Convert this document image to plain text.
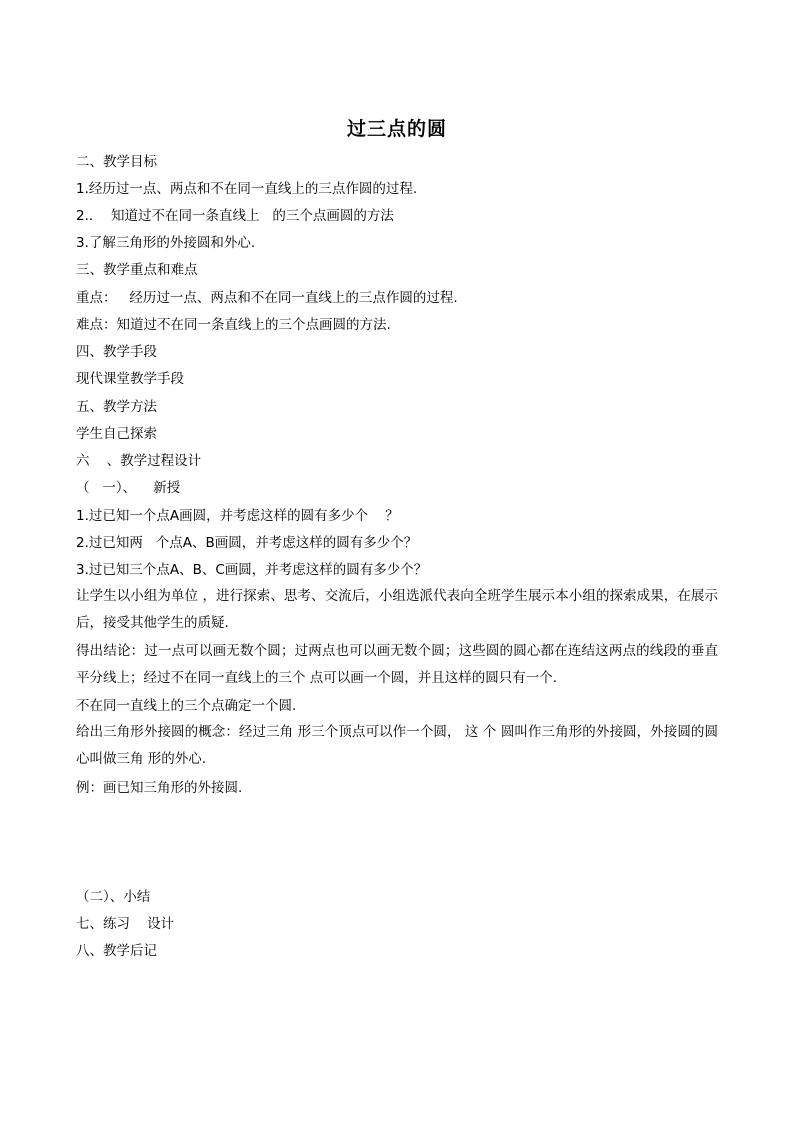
过三点的圆
二、教学目标
1.经历过一点、两点和不在同一直线上的三点作圆的过程.
2.．  知道过不在同一条直线上   的三个点画圆的方法
3.了解三角形的外接圆和外心.
三、教学重点和难点
重点：   经历过一点、两点和不在同一直线上的三点作圆的过程.
难点：知道过不在同一条直线上的三个点画圆的方法.
四、教学手段
现代课堂教学手段
五、教学方法
学生自己探索
六    、教学过程设计
（   一）、    新授
1.过已知一个点A画圆，并考虑这样的圆有多少个    ？
2.过已知两   个点A、B画圆，并考虑这样的圆有多少个？
3.过已知三个点A、B、C画圆，并考虑这样的圆有多少个？
让学生以小组为单位 ，进行探索、思考、交流后，小组选派代表向全班学生展示本小组的探索成果，在展示后，接受其他学生的质疑.
得出结论：过一点可以画无数个圆；过两点也可以画无数个圆；这些圆的圆心都在连结这两点的线段的垂直平分线上；经过不在同一直线上的三个 点可以画一个圆，并且这样的圆只有一个.
不在同一直线上的三个点确定一个圆.
给出三角形外接圆的概念：经过三角 形三个顶点可以作一个圆， 这 个 圆叫作三角形的外接圆，外接圆的圆心叫做三角 形的外心.
例：画已知三角形的外接圆.
（二）、小结
七、练习    设计
八、教学后记
